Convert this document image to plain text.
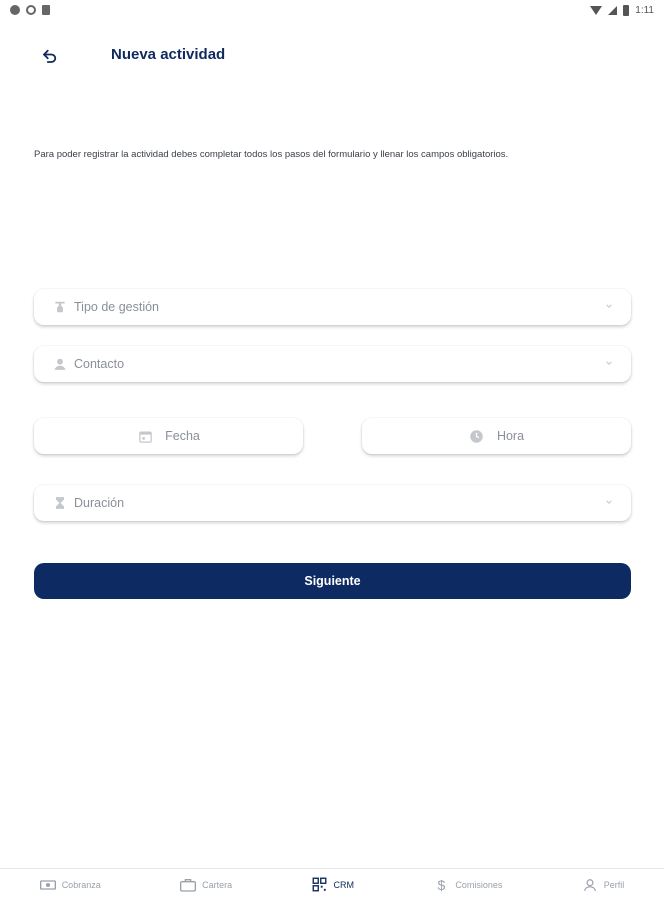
1:11
Nueva actividad

Para poder registrar la actividad debes completar todos los pasos del formulario y llenar los campos obligatorios.

Tipo de gestión
Contacto
Fecha	Hora
Duración
Siguiente
Cobranza	Cartera	CRM	$	Comisiones	Perfil
